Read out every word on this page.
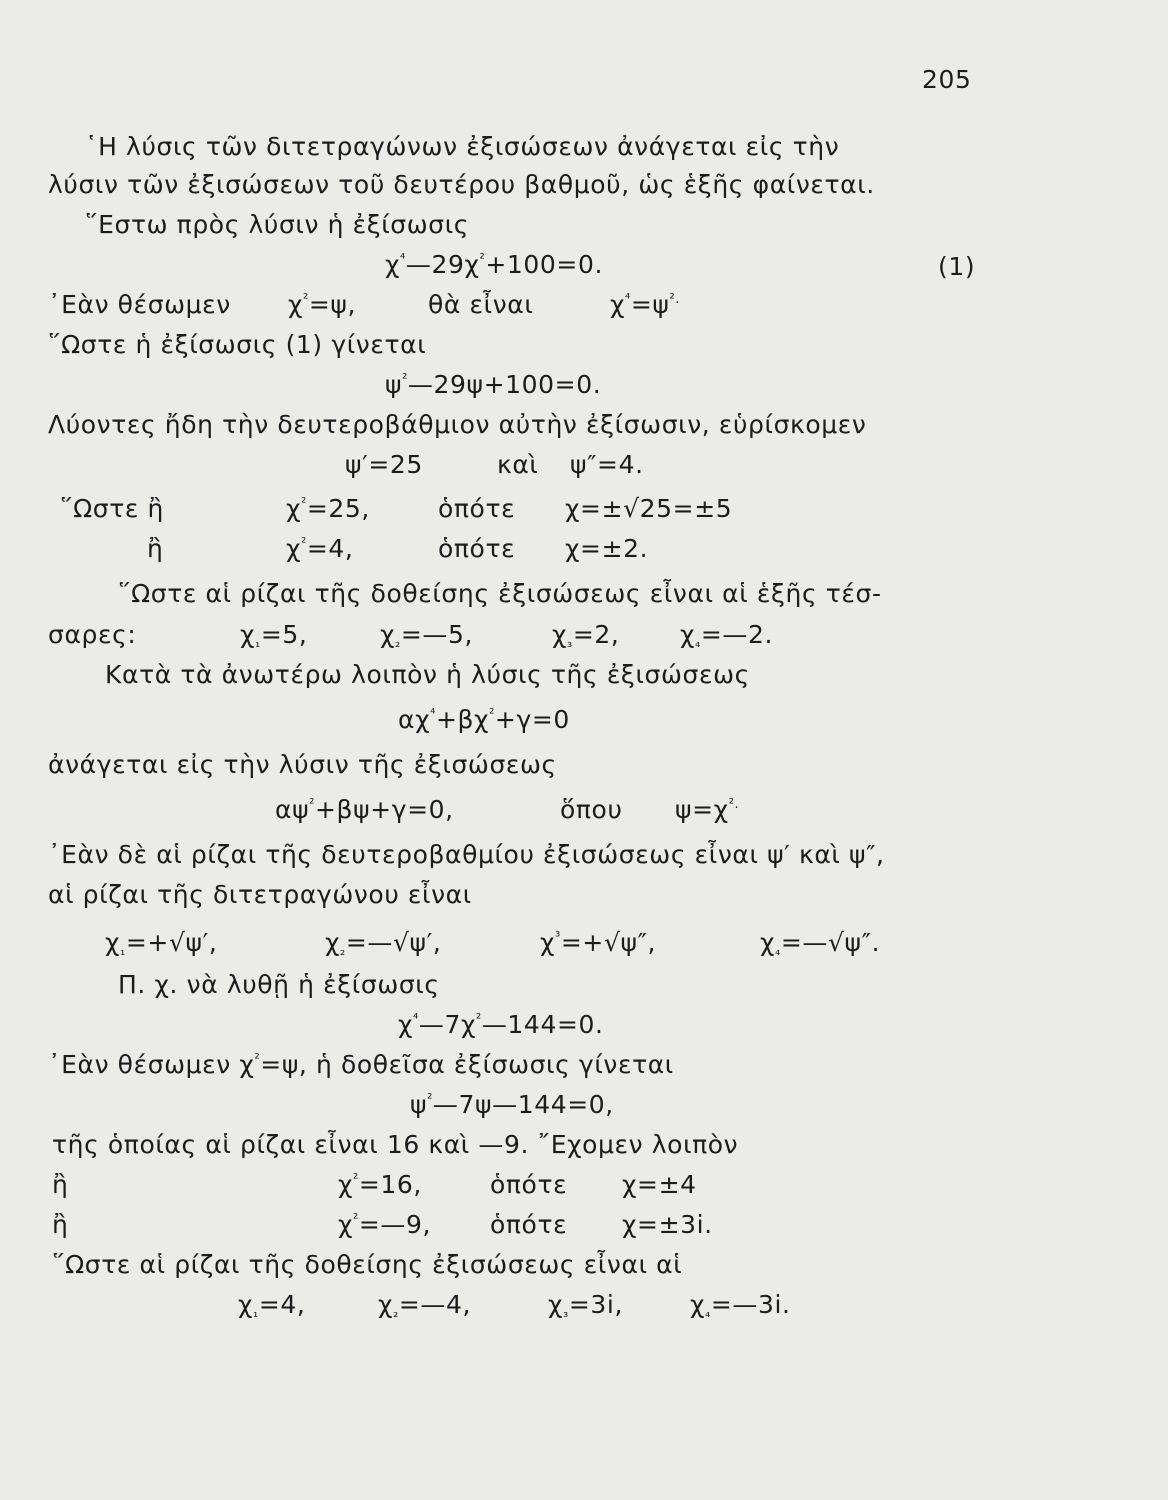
205
῾Η λύσις τῶν διτετραγώνων ἐξισώσεων ἀνάγεται εἰς τὴν
λύσιν τῶν ἐξισώσεων τοῦ δευτέρου βαθμοῦ, ὡς ἑξῆς φαίνεται.
῞Εστω πρὸς λύσιν ἡ ἐξίσωσις
$\chi^{^4}—29\chi^{^2}+100=0$.	(1)
᾿Εὰν θέσωμεν $\chi^{^2}=\psi$,	θὰ εἶναι	$\chi^{^4}=\psi^{^2.}$
῞Ωστε ἡ ἐξίσωσις (1) γίνεται
$\psi^{^2}—29\psi+100=0$.
Λύοντες ἤδη τὴν δευτεροβάθμιον αὐτὴν ἐξίσωσιν, εὑρίσκομεν
ψ′=25	καὶ ψ″=4.
῞Ωστε ἢ	$\chi^{^2}=25$,	ὁπότε χ=±√25=±5
ἢ	$\chi^{^2}=4$,	ὁπότε χ=±2.
῞Ωστε αἱ ρίζαι τῆς δοθείσης ἐξισώσεως εἶναι αἱ ἑξῆς τέσ-
σαρες:	$\chi_{_1}=5$,	$\chi_{_2}=—5$,	$\chi_{_3}=2$, $\chi_{_4}=—2$.
Κατὰ τὰ ἀνωτέρω λοιπὸν ἡ λύσις τῆς ἐξισώσεως
$\alpha\chi^{^4}+\beta\chi^{^2}+\gamma=0$
ἀνάγεται εἰς τὴν λύσιν τῆς ἐξισώσεως
$\alpha\psi^{^2}+\beta\psi+\gamma=0$,	ὅπου $\psi=\chi^{^2.}$
᾿Εὰν δὲ αἱ ρίζαι τῆς δευτεροβαθμίου ἐξισώσεως εἶναι ψ′ καὶ ψ″,
αἱ ρίζαι τῆς διτετραγώνου εἶναι
$\chi_{_1}=+√\psi'$,	$\chi_{_2}=—√\psi'$,	$\chi^{^3}=+√\psi''$,	$\chi_{_4}=—√\psi''$.
Π. χ. νὰ λυθῇ ἡ ἐξίσωσις
$\chi^{^4}—7\chi^{^2}—144=0$.
᾿Εὰν θέσωμεν $\chi^{^2}=\psi$, ἡ δοθεῖσα ἐξίσωσις γίνεται
$\psi^{^2}—7\psi—144=0$,
τῆς ὁποίας αἱ ρίζαι εἶναι 16 καὶ —9. ῎Εχομεν λοιπὸν
ἢ	$\chi^{^2}=16$,	ὁπότε χ=±4
ἢ	$\chi^{^2}=—9$, ὁπότε χ=±3i.
῞Ωστε αἱ ρίζαι τῆς δοθείσης ἐξισώσεως εἶναι αἱ
$\chi_{_1}=4$,	$\chi_{_2}=—4$,	$\chi_{_3}=3i$,	$\chi_{_4}=—3i$.
